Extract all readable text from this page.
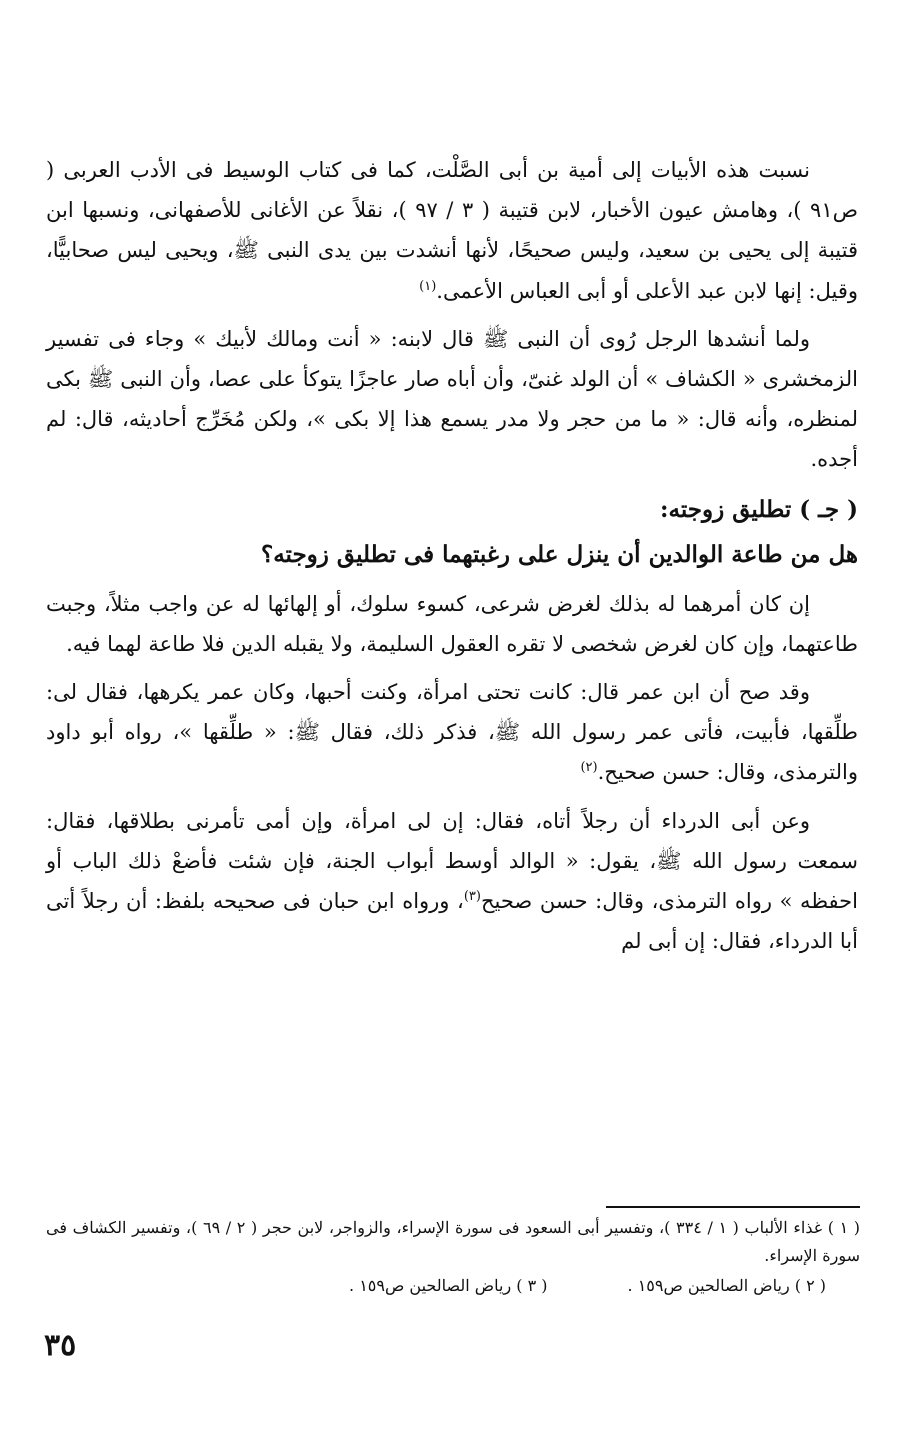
نسبت هذه الأبيات إلى أمية بن أبى الصَّلْت، كما فى كتاب الوسيط فى الأدب العربى ( ص٩١ )، وهامش عيون الأخبار، لابن قتيبة ( ٣ / ٩٧ )، نقلاً عن الأغانى للأصفهانى، ونسبها ابن قتيبة إلى يحيى بن سعيد، وليس صحيحًا، لأنها أنشدت بين يدى النبى ﷺ، ويحيى ليس صحابيًّا، وقيل: إنها لابن عبد الأعلى أو أبى العباس الأعمى.$^{(١)}$

ولما أنشدها الرجل رُوى أن النبى ﷺ قال لابنه: « أنت ومالك لأبيك » وجاء فى تفسير الزمخشرى « الكشاف » أن الولد غنىّ، وأن أباه صار عاجزًا يتوكأ على عصا، وأن النبى ﷺ بكى لمنظره، وأنه قال: « ما من حجر ولا مدر يسمع هذا إلا بكى »، ولكن مُخَرِّج أحاديثه، قال: لم أجده.

( جـ ) تطليق زوجته:

هل من طاعة الوالدين أن ينزل على رغبتهما فى تطليق زوجته؟

إن كان أمرهما له بذلك لغرض شرعى، كسوء سلوك، أو إلهائها له عن واجب مثلاً، وجبت طاعتهما، وإن كان لغرض شخصى لا تقره العقول السليمة، ولا يقبله الدين فلا طاعة لهما فيه.

وقد صح أن ابن عمر قال: كانت تحتى امرأة، وكنت أحبها، وكان عمر يكرهها، فقال لى: طلِّقها، فأبيت، فأتى عمر رسول الله ﷺ، فذكر ذلك، فقال ﷺ: « طلِّقها »، رواه أبو داود والترمذى، وقال: حسن صحيح.$^{(٢)}$

وعن أبى الدرداء أن رجلاً أتاه، فقال: إن لى امرأة، وإن أمى تأمرنى بطلاقها، فقال: سمعت رسول الله ﷺ، يقول: « الوالد أوسط أبواب الجنة، فإن شئت فأضعْ ذلك الباب أو احفظه » رواه الترمذى، وقال: حسن صحيح$^{(٣)}$، ورواه ابن حبان فى صحيحه بلفظ: أن رجلاً أتى أبا الدرداء، فقال: إن أبى لم

( ١ ) غذاء الألباب ( ١ / ٣٣٤ )، وتفسير أبى السعود فى سورة الإسراء، والزواجر، لابن حجر ( ٢ / ٦٩ )، وتفسير الكشاف فى سورة الإسراء.

( ٢ ) رياض الصالحين ص١٥٩ .
( ٣ ) رياض الصالحين ص١٥٩ .
٣٥
